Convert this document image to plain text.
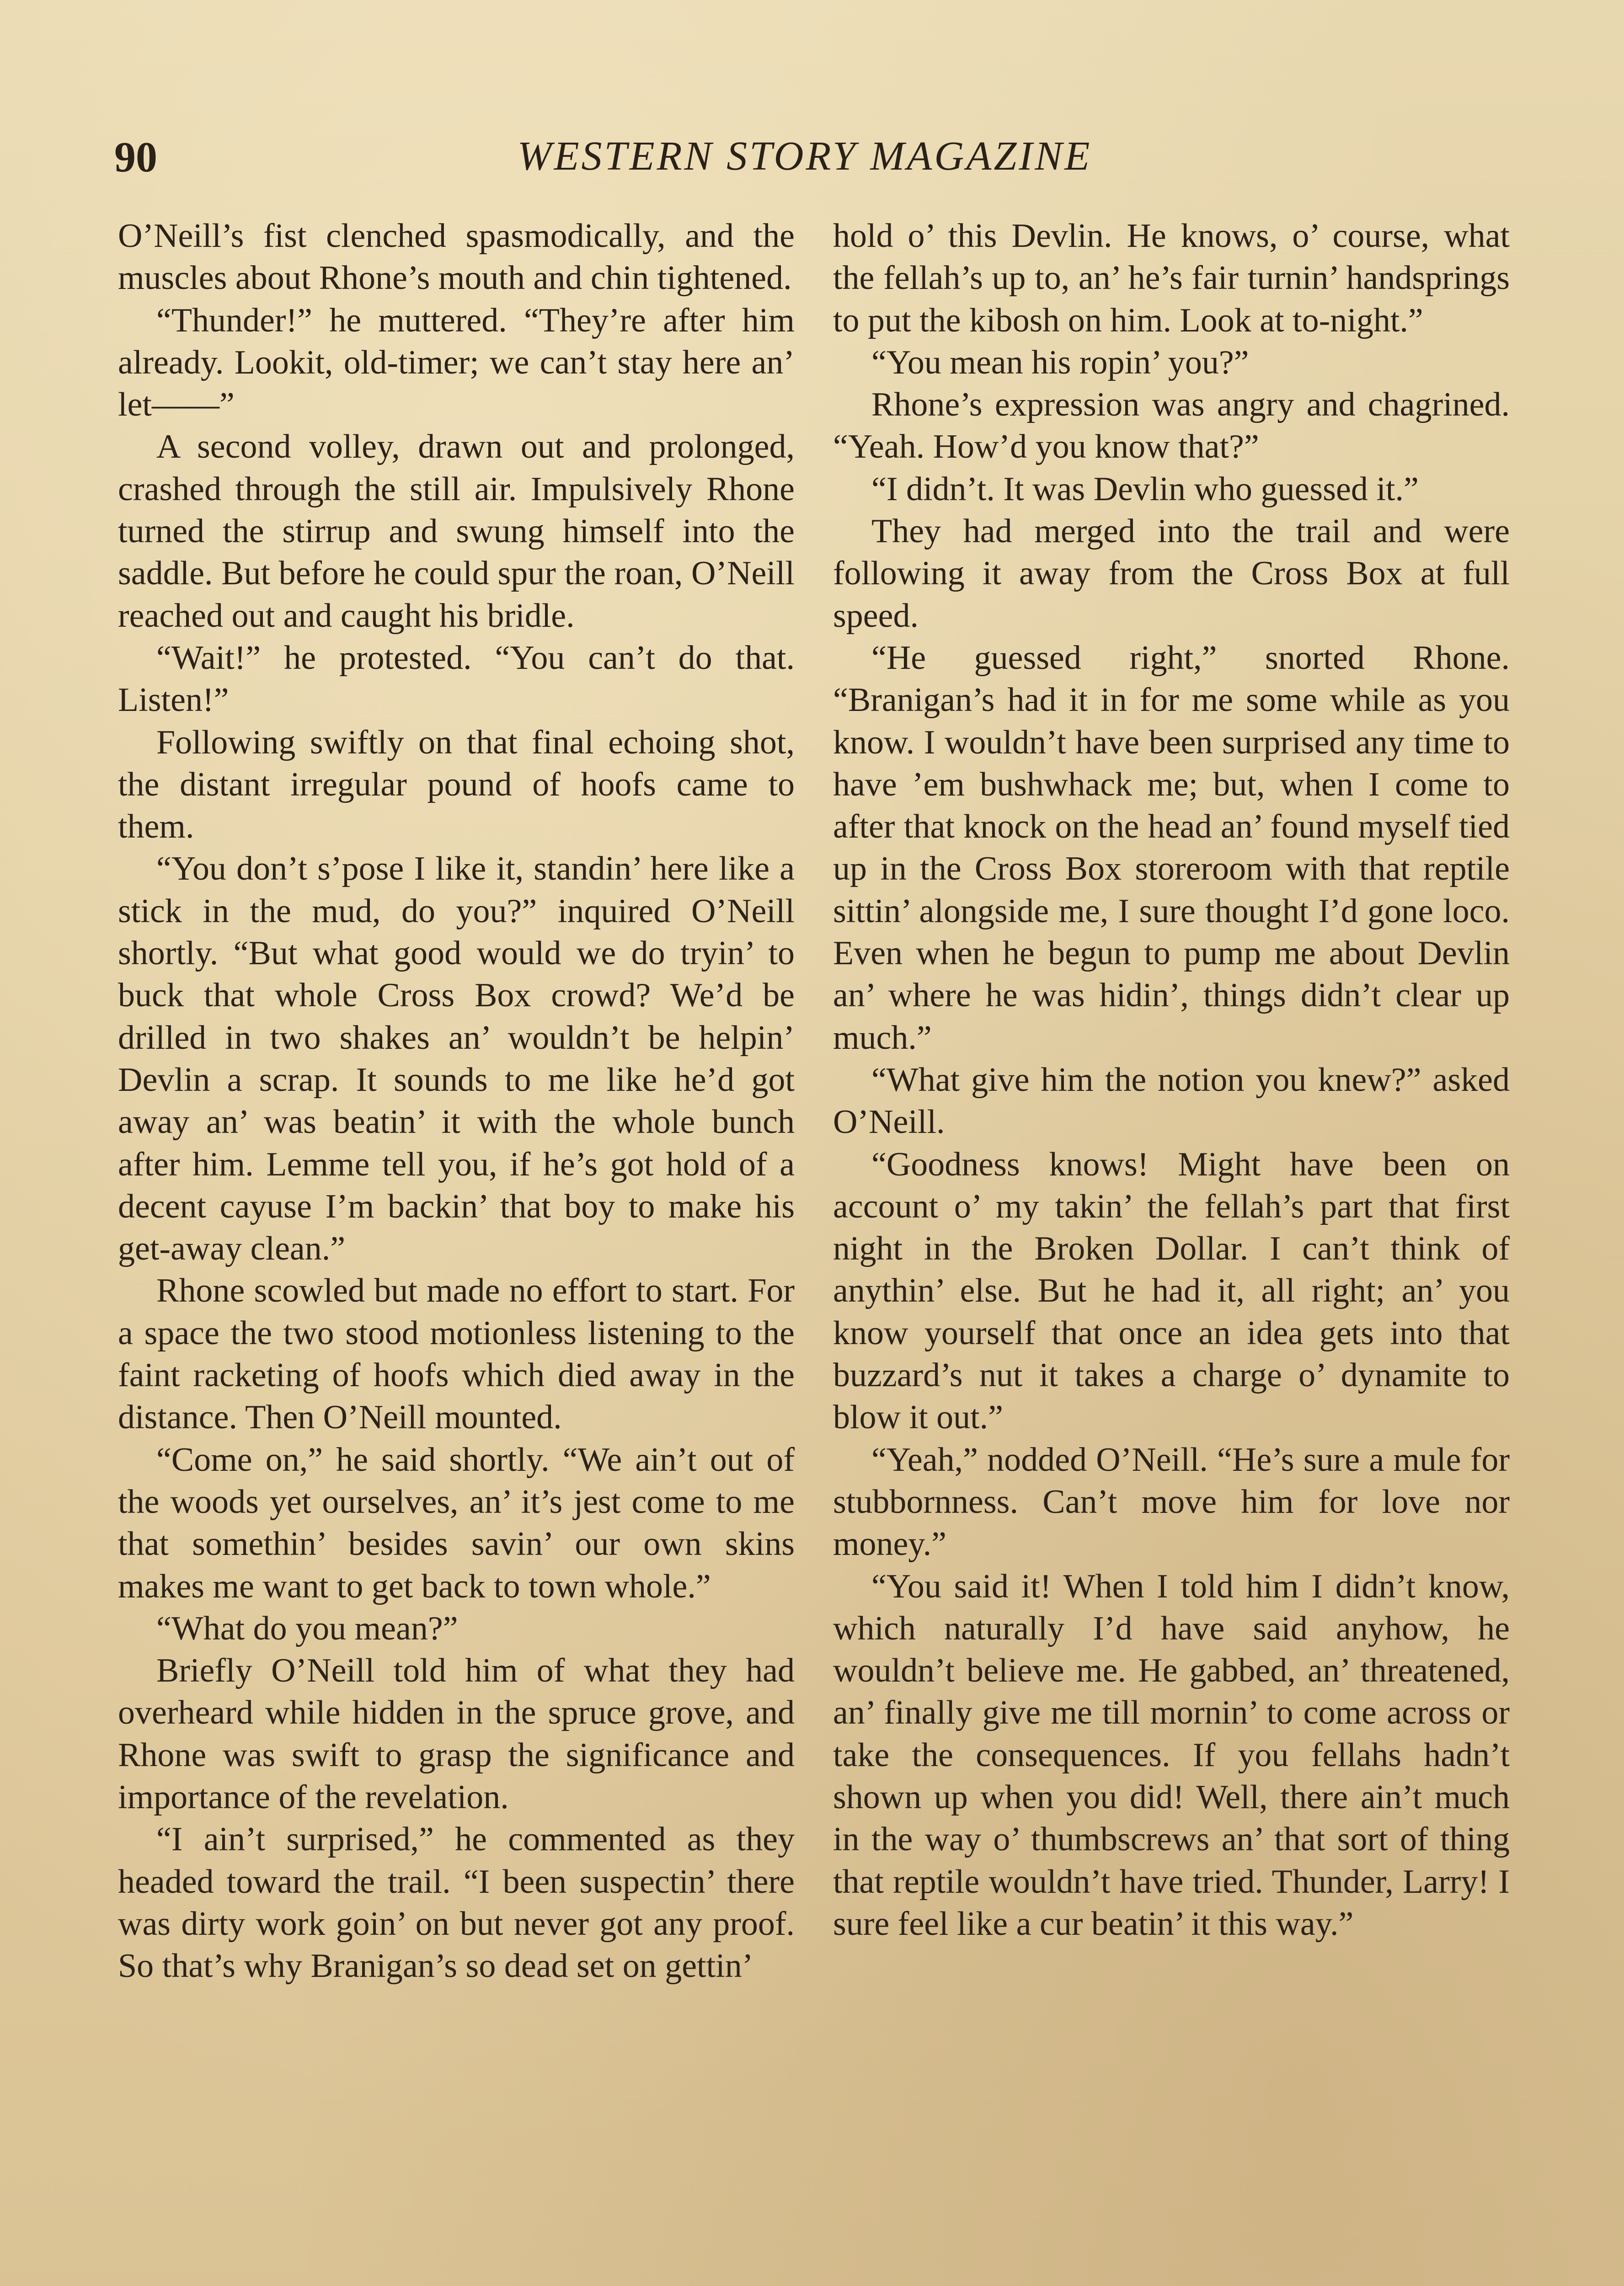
90	WESTERN STORY MAGAZINE

O’Neill’s fist clenched spasmodically, and the muscles about Rhone’s mouth and chin tightened.

“Thunder!” he muttered. “They’re after him already. Lookit, old-timer; we can’t stay here an’ let——”

A second volley, drawn out and prolonged, crashed through the still air. Impulsively Rhone turned the stirrup and swung himself into the saddle. But before he could spur the roan, O’Neill reached out and caught his bridle.

“Wait!” he protested. “You can’t do that. Listen!”

Following swiftly on that final echoing shot, the distant irregular pound of hoofs came to them.

“You don’t s’pose I like it, standin’ here like a stick in the mud, do you?” inquired O’Neill shortly. “But what good would we do tryin’ to buck that whole Cross Box crowd? We’d be drilled in two shakes an’ wouldn’t be helpin’ Devlin a scrap. It sounds to me like he’d got away an’ was beatin’ it with the whole bunch after him. Lemme tell you, if he’s got hold of a decent cayuse I’m backin’ that boy to make his get-away clean.”

Rhone scowled but made no effort to start. For a space the two stood motionless listening to the faint racketing of hoofs which died away in the distance. Then O’Neill mounted.

“Come on,” he said shortly. “We ain’t out of the woods yet ourselves, an’ it’s jest come to me that somethin’ besides savin’ our own skins makes me want to get back to town whole.”

“What do you mean?”

Briefly O’Neill told him of what they had overheard while hidden in the spruce grove, and Rhone was swift to grasp the significance and importance of the revelation.

“I ain’t surprised,” he commented as they headed toward the trail. “I been suspectin’ there was dirty work goin’ on but never got any proof. So that’s why Branigan’s so dead set on gettin’

hold o’ this Devlin. He knows, o’ course, what the fellah’s up to, an’ he’s fair turnin’ handsprings to put the kibosh on him. Look at to-night.”

“You mean his ropin’ you?”

Rhone’s expression was angry and chagrined. “Yeah. How’d you know that?”

“I didn’t. It was Devlin who guessed it.”

They had merged into the trail and were following it away from the Cross Box at full speed.

“He guessed right,” snorted Rhone. “Branigan’s had it in for me some while as you know. I wouldn’t have been surprised any time to have ’em bushwhack me; but, when I come to after that knock on the head an’ found myself tied up in the Cross Box storeroom with that reptile sittin’ alongside me, I sure thought I’d gone loco. Even when he begun to pump me about Devlin an’ where he was hidin’, things didn’t clear up much.”

“What give him the notion you knew?” asked O’Neill.

“Goodness knows! Might have been on account o’ my takin’ the fellah’s part that first night in the Broken Dollar. I can’t think of anythin’ else. But he had it, all right; an’ you know yourself that once an idea gets into that buzzard’s nut it takes a charge o’ dynamite to blow it out.”

“Yeah,” nodded O’Neill. “He’s sure a mule for stubbornness. Can’t move him for love nor money.”

“You said it! When I told him I didn’t know, which naturally I’d have said anyhow, he wouldn’t believe me. He gabbed, an’ threatened, an’ finally give me till mornin’ to come across or take the consequences. If you fellahs hadn’t shown up when you did! Well, there ain’t much in the way o’ thumbscrews an’ that sort of thing that reptile wouldn’t have tried. Thunder, Larry! I sure feel like a cur beatin’ it this way.”
